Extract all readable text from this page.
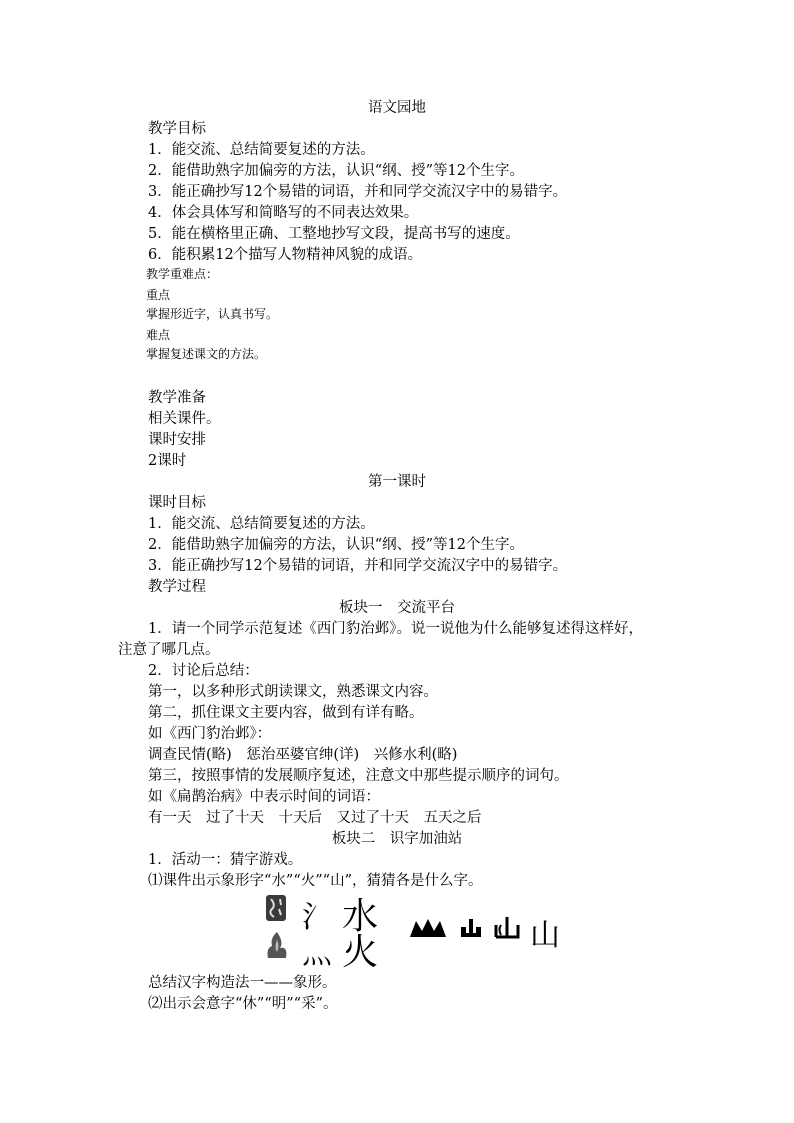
语文园地
教学目标
1．能交流、总结简要复述的方法。
2．能借助熟字加偏旁的方法，认识“纲、授”等12个生字。
3．能正确抄写12个易错的词语，并和同学交流汉字中的易错字。
4．体会具体写和简略写的不同表达效果。
5．能在横格里正确、工整地抄写文段，提高书写的速度。
6．能积累12个描写人物精神风貌的成语。
教学重难点：
重点
掌握形近字，认真书写。
难点
掌握复述课文的方法。
教学准备
相关课件。
课时安排
2课时
第一课时
课时目标
1．能交流、总结简要复述的方法。
2．能借助熟字加偏旁的方法，认识“纲、授”等12个生字。
3．能正确抄写12个易错的词语，并和同学交流汉字中的易错字。
教学过程
板块一　交流平台
1．请一个同学示范复述《西门豹治邺》。说一说他为什么能够复述得这样好，
注意了哪几点。
2．讨论后总结：
第一，以多种形式朗读课文，熟悉课文内容。
第二，抓住课文主要内容，做到有详有略。
如《西门豹治邺》：
调查民情(略)　惩治巫婆官绅(详)　兴修水利(略)
第三，按照事情的发展顺序复述，注意文中那些提示顺序的词句。
如《扁鹊治病》中表示时间的词语：
有一天　过了十天　十天后　又过了十天　五天之后
板块二　识字加油站
1．活动一：猜字游戏。
⑴课件出示象形字“水”“火”“山”，猜猜各是什么字。
氵 水
灬 火	山
总结汉字构造法一——象形。
⑵出示会意字“休”“明”“采”。
